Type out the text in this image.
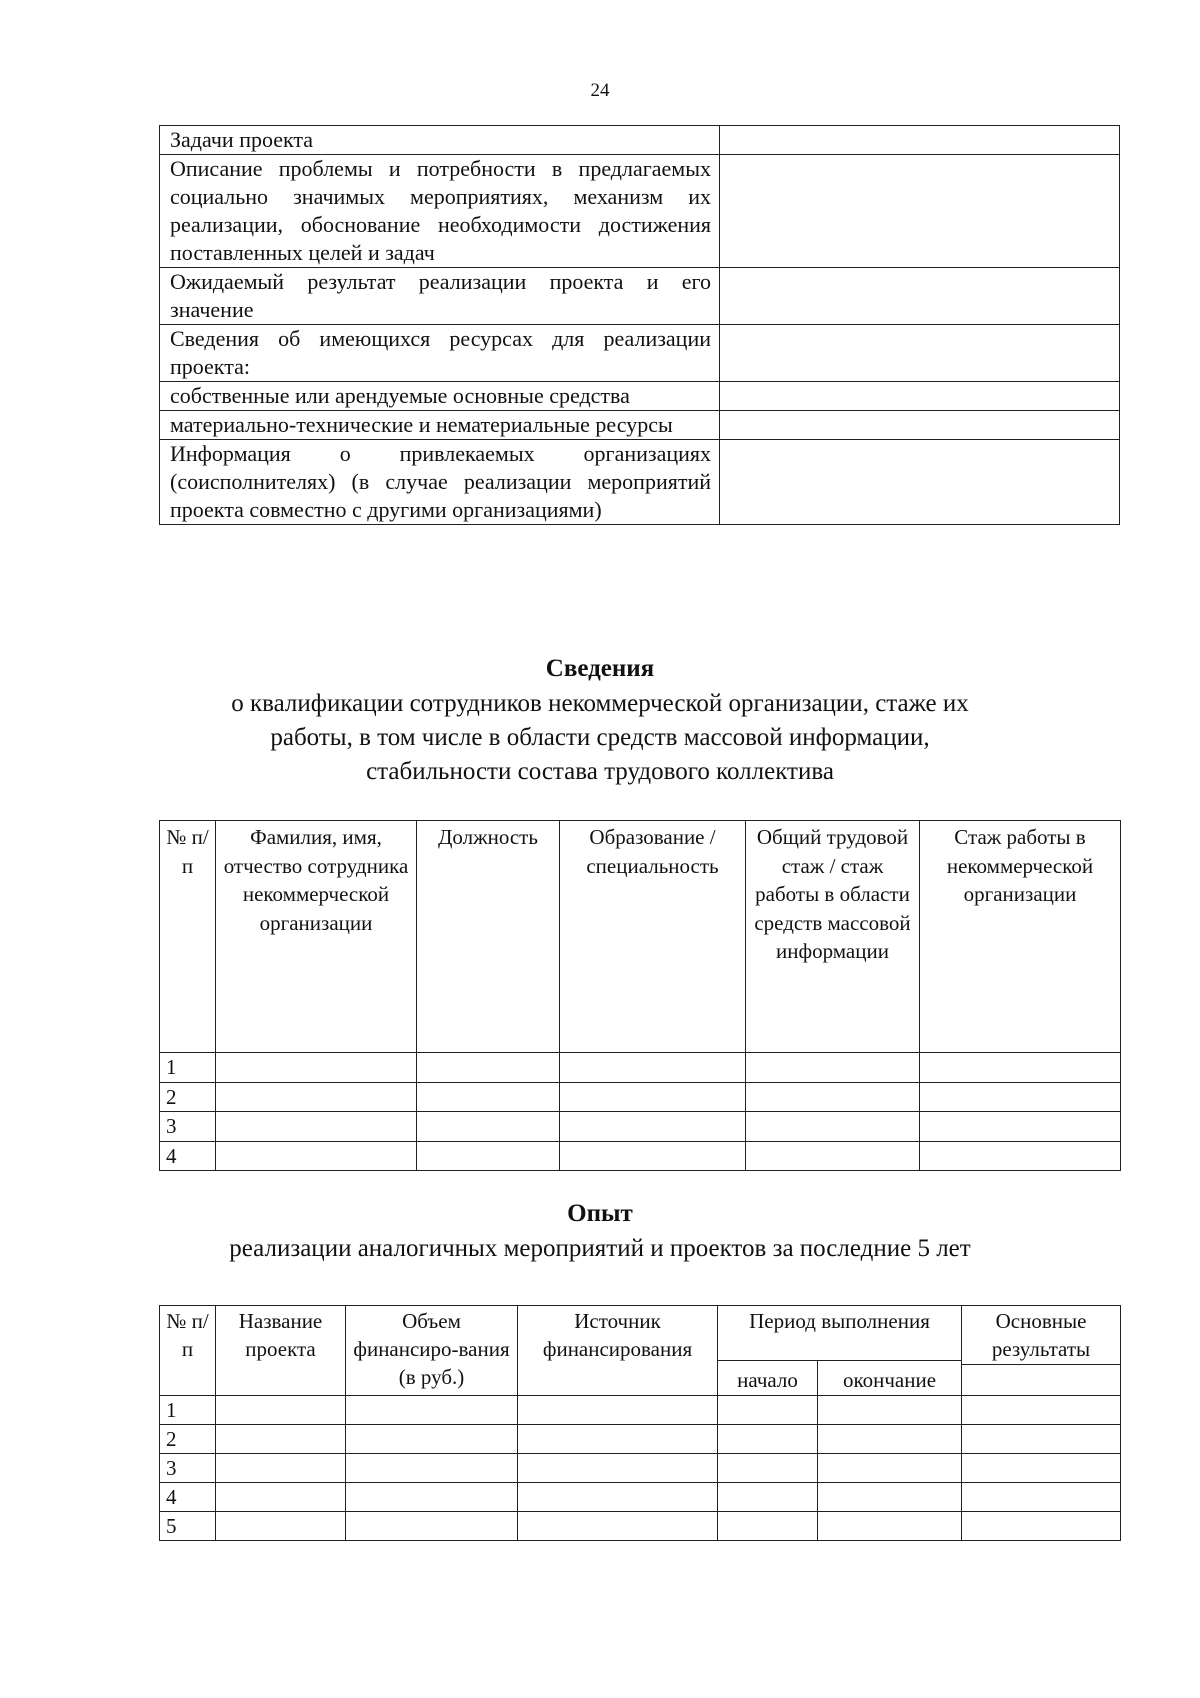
24
Задачи проекта	
Описание проблемы и потребности в предлагаемых социально значимых мероприятиях, механизм их реализации, обоснование необходимости достижения поставленных целей и задач	
Ожидаемый результат реализации проекта и его значение	
Сведения об имеющихся ресурсах для реализации проекта:	
собственные или арендуемые основные средства	
материально-технические и нематериальные ресурсы	
Информация о привлекаемых организациях (соисполнителях) (в случае реализации мероприятий проекта совместно с другими организациями)	
Сведения
о квалификации сотрудников некоммерческой организации, стаже их
работы, в том числе в области средств массовой информации,
стабильности состава трудового коллектива
№ п/п	Фамилия, имя, отчество сотрудника некоммерческой организации	Должность	Образование / специальность	Общий трудовой стаж / стаж работы в области средств массовой информации	Стаж работы в некоммерческой организации
1					
2					
3					
4					
Опыт
реализации аналогичных мероприятий и проектов за последние 5 лет
№ п/п	Название проекта	Объем финансиро-вания (в руб.)	Источник финансирования	Период выполнения		Основные результаты
				начало	окончание	

1						
2						
3						
4						
5						
